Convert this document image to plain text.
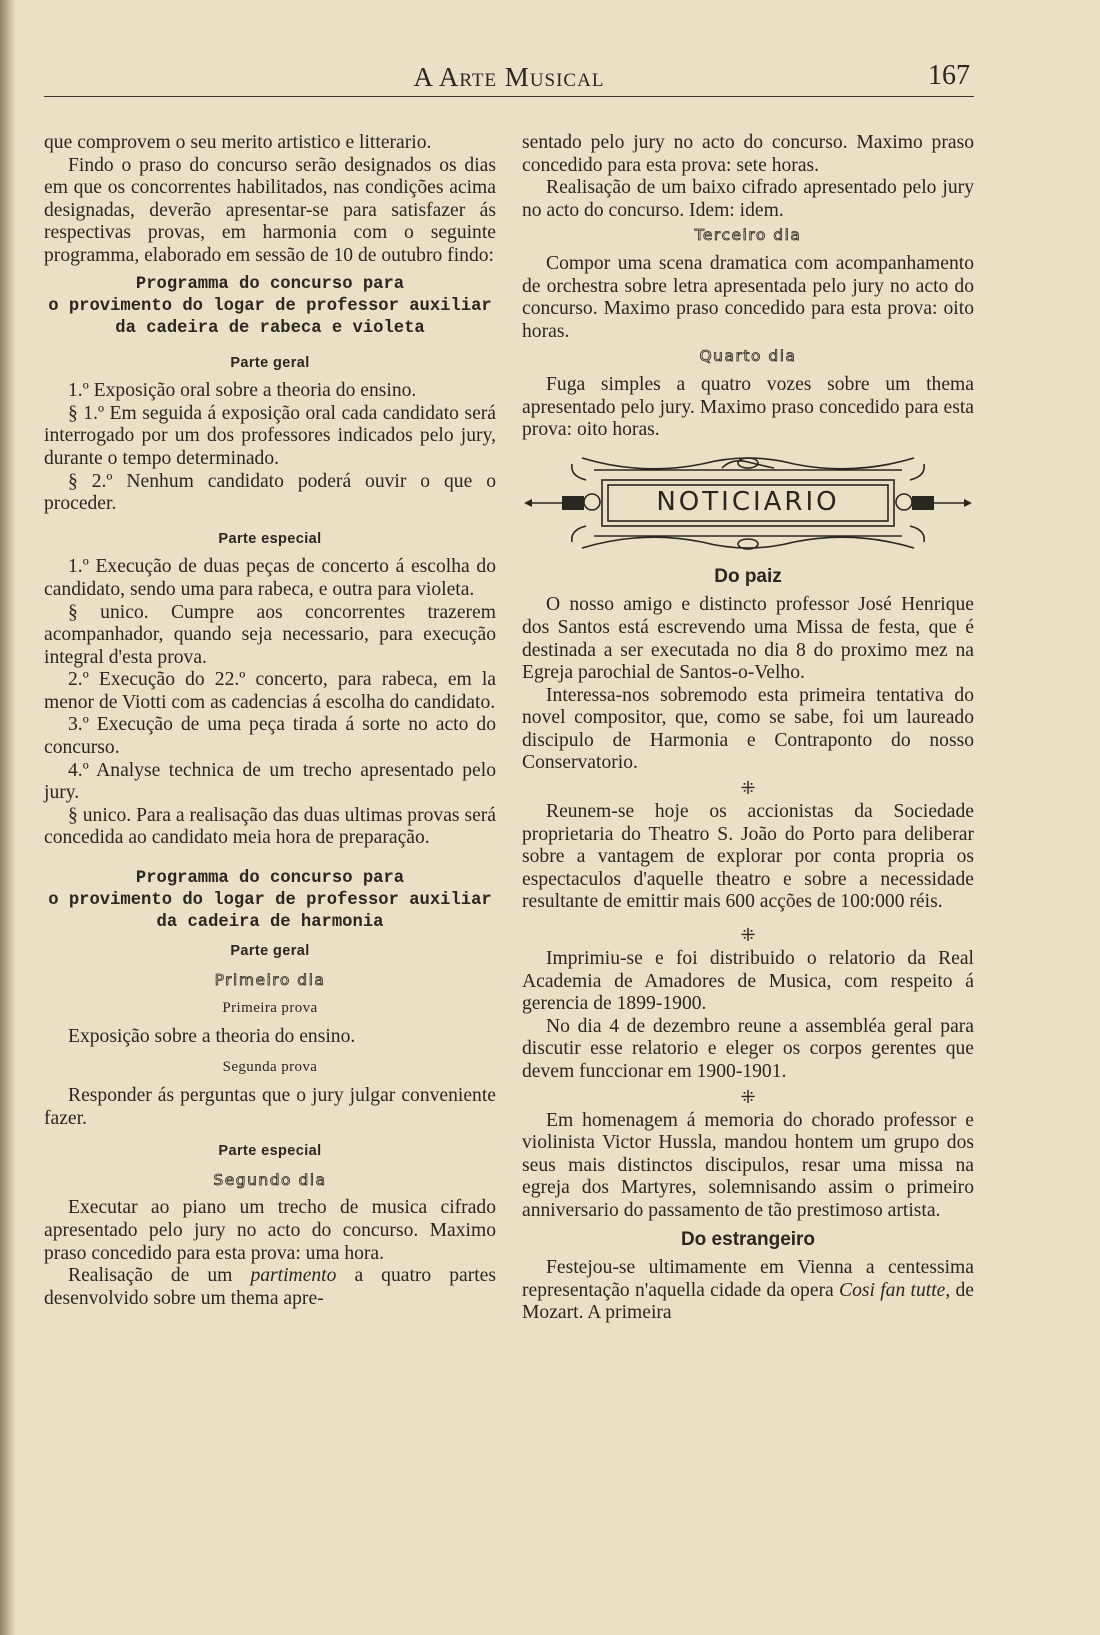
A Arte Musical	167

que comprovem o seu merito artistico e litterario.

Findo o praso do concurso serão designados os dias em que os concorrentes habilitados, nas condições acima designadas, deverão apresentar-se para satisfazer ás respectivas provas, em harmonia com o seguinte programma, elaborado em sessão de 10 de outubro findo:

Programma do concurso para
o provimento do logar de professor auxiliar
da cadeira de rabeca e violeta
Parte geral

1.º Exposição oral sobre a theoria do ensino.

§ 1.º Em seguida á exposição oral cada candidato será interrogado por um dos professores indicados pelo jury, durante o tempo determinado.

§ 2.º Nenhum candidato poderá ouvir o que o proceder.

Parte especial

1.º Execução de duas peças de concerto á escolha do candidato, sendo uma para rabeca, e outra para violeta.

§ unico. Cumpre aos concorrentes trazerem acompanhador, quando seja necessario, para execução integral d'esta prova.

2.º Execução do 22.º concerto, para rabeca, em la menor de Viotti com as cadencias á escolha do candidato.

3.º Execução de uma peça tirada á sorte no acto do concurso.

4.º Analyse technica de um trecho apresentado pelo jury.

§ unico. Para a realisação das duas ultimas provas será concedida ao candidato meia hora de preparação.

Programma do concurso para
o provimento do logar de professor auxiliar
da cadeira de harmonia
Parte geral
Primeiro dia
Primeira prova

Exposição sobre a theoria do ensino.

Segunda prova

Responder ás perguntas que o jury julgar conveniente fazer.

Parte especial
Segundo dia

Executar ao piano um trecho de musica cifrado apresentado pelo jury no acto do concurso. Maximo praso concedido para esta prova: uma hora.

Realisação de um partimento a quatro partes desenvolvido sobre um thema apre-

sentado pelo jury no acto do concurso. Maximo praso concedido para esta prova: sete horas.

Realisação de um baixo cifrado apresentado pelo jury no acto do concurso. Idem: idem.

Terceiro dia

Compor uma scena dramatica com acompanhamento de orchestra sobre letra apresentada pelo jury no acto do concurso. Maximo praso concedido para esta prova: oito horas.

Quarto dia

Fuga simples a quatro vozes sobre um thema apresentado pelo jury. Maximo praso concedido para esta prova: oito horas.

NOTICIARIO
Do paiz

O nosso amigo e distincto professor José Henrique dos Santos está escrevendo uma Missa de festa, que é destinada a ser executada no dia 8 do proximo mez na Egreja parochial de Santos-o-Velho.

Interessa-nos sobremodo esta primeira tentativa do novel compositor, que, como se sabe, foi um laureado discipulo de Harmonia e Contraponto do nosso Conservatorio.

⁜

Reunem-se hoje os accionistas da Sociedade proprietaria do Theatro S. João do Porto para deliberar sobre a vantagem de explorar por conta propria os espectaculos d'aquelle theatro e sobre a necessidade resultante de emittir mais 600 acções de 100:000 réis.

⁜

Imprimiu-se e foi distribuido o relatorio da Real Academia de Amadores de Musica, com respeito á gerencia de 1899-1900.

No dia 4 de dezembro reune a assembléa geral para discutir esse relatorio e eleger os corpos gerentes que devem funccionar em 1900-1901.

⁜

Em homenagem á memoria do chorado professor e violinista Victor Hussla, mandou hontem um grupo dos seus mais distinctos discipulos, resar uma missa na egreja dos Martyres, solemnisando assim o primeiro anniversario do passamento de tão prestimoso artista.

Do estrangeiro

Festejou-se ultimamente em Vienna a centessima representação n'aquella cidade da opera Cosi fan tutte, de Mozart. A primeira
